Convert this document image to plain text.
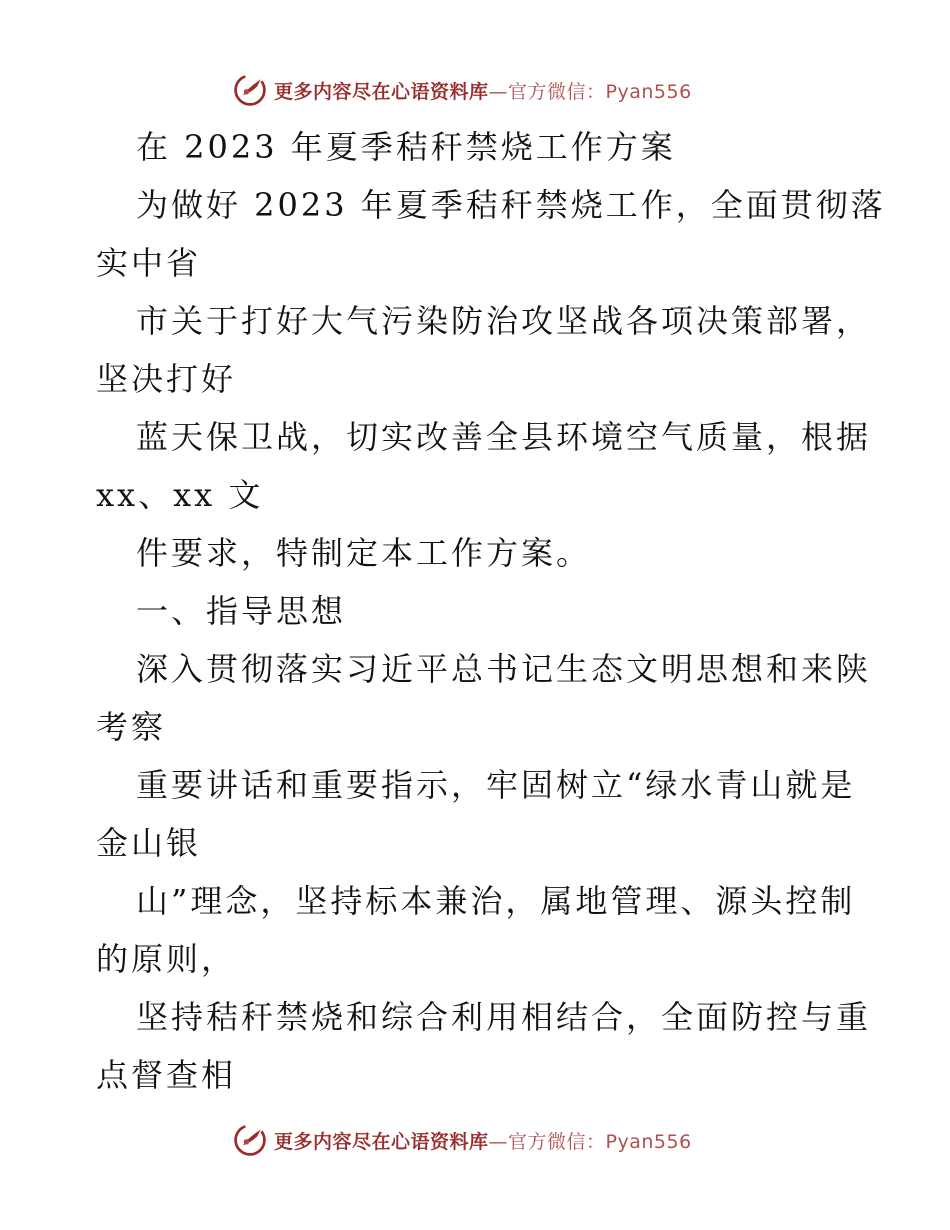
更多内容尽在心语资料库 —官方微信：Pyan556
在 2023 年夏季秸秆禁烧工作方案
为做好 2023 年夏季秸秆禁烧工作，全面贯彻落
实中省
市关于打好大气污染防治攻坚战各项决策部署，
坚决打好
蓝天保卫战，切实改善全县环境空气质量，根据
xx、xx 文
件要求，特制定本工作方案。
一、指导思想
深入贯彻落实习近平总书记生态文明思想和来陕
考察
重要讲话和重要指示，牢固树立“绿水青山就是
金山银
山”理念，坚持标本兼治，属地管理、源头控制
的原则，
坚持秸秆禁烧和综合利用相结合，全面防控与重
点督查相
更多内容尽在心语资料库 —官方微信：Pyan556
